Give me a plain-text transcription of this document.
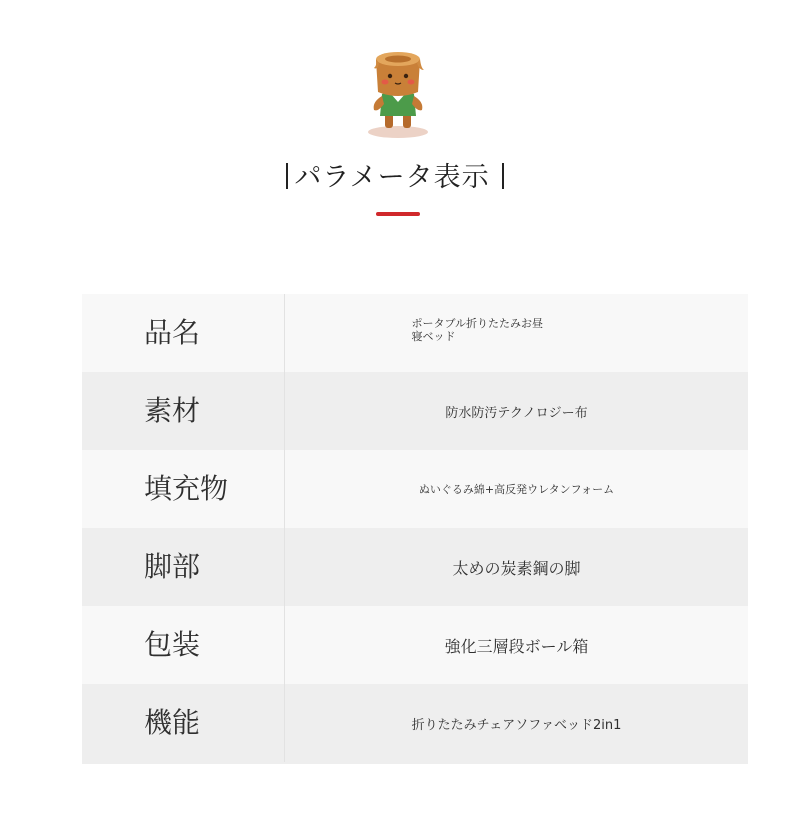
パラメータ表示
品名	ポータブル折りたたみお昼
寝ベッド
素材	防水防汚テクノロジー布
填充物	ぬいぐるみ綿+高反発ウレタンフォーム
脚部	太めの炭素鋼の脚
包装	強化三層段ボール箱
機能	折りたたみチェアソファベッド2in1
